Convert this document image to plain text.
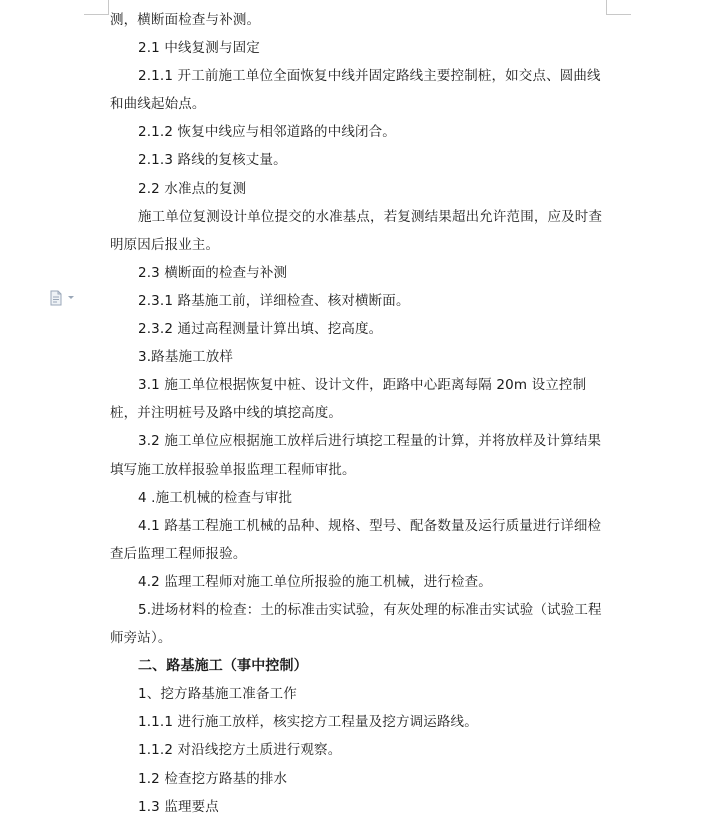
测，横断面检查与补测。

2.1 中线复测与固定

2.1.1 开工前施工单位全面恢复中线并固定路线主要控制桩，如交点、圆曲线和曲线起始点。

2.1.2 恢复中线应与相邻道路的中线闭合。

2.1.3 路线的复核丈量。

2.2 水准点的复测

施工单位复测设计单位提交的水准基点，若复测结果超出允许范围，应及时查明原因后报业主。

2.3 横断面的检查与补测

2.3.1 路基施工前，详细检查、核对横断面。

2.3.2 通过高程测量计算出填、挖高度。

3.路基施工放样

3.1 施工单位根据恢复中桩、设计文件，距路中心距离每隔 20m 设立控制桩，并注明桩号及路中线的填挖高度。

3.2 施工单位应根据施工放样后进行填挖工程量的计算，并将放样及计算结果填写施工放样报验单报监理工程师审批。

4 .施工机械的检查与审批

4.1 路基工程施工机械的品种、规格、型号、配备数量及运行质量进行详细检查后监理工程师报验。

4.2 监理工程师对施工单位所报验的施工机械，进行检查。

5.进场材料的检查：土的标准击实试验，有灰处理的标准击实试验（试验工程师旁站）。

二、路基施工（事中控制）

1、挖方路基施工准备工作

1.1.1 进行施工放样，核实挖方工程量及挖方调运路线。

1.1.2 对沿线挖方土质进行观察。

1.2 检查挖方路基的排水

1.3 监理要点
